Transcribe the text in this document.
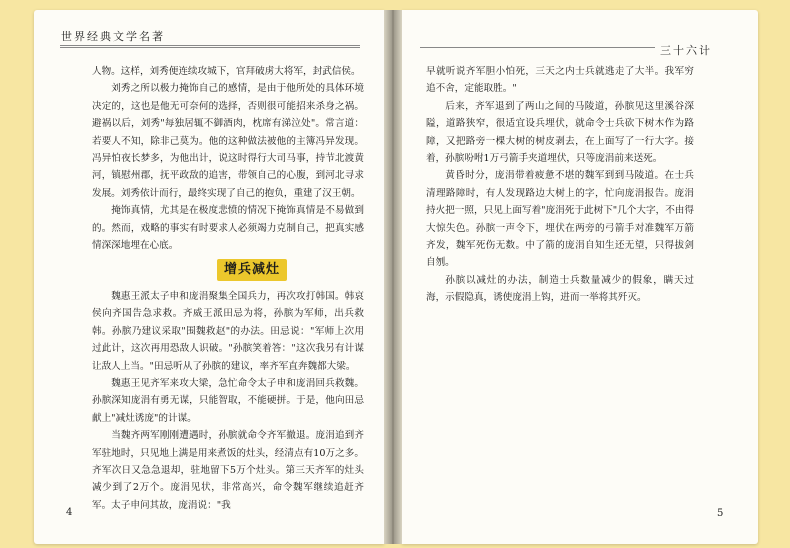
世界经典文学名著
三十六计

人物。这样，刘秀便连续攻城下，官拜破虏大将军，封武信侯。

刘秀之所以极力掩饰自己的感情，是由于他所处的具体环境决定的，这也是他无可奈何的选择，否则很可能招来杀身之祸。避祸以后，刘秀"每独居辄不御酒肉，枕席有涕泣处"。常言道：若要人不知，除非己莫为。他的这种做法被他的主簿冯异发现。冯异怕夜长梦多，为他出计，说这时得行大司马事，持节北渡黄河，镇慰州郡，抚平政敌的追害，带领自己的心腹，到河北寻求发展。刘秀依计而行，最终实现了自己的抱负，重建了汉王朝。

掩饰真情，尤其是在极度悲愤的情况下掩饰真情是不易做到的。然而，戏略的事实有时要求人必须竭力克制自己，把真实感情深深地埋在心底。

增兵减灶

魏惠王派太子申和庞涓聚集全国兵力，再次攻打韩国。韩哀侯向齐国告急求救。齐威王派田忌为将，孙膑为军师，出兵救韩。孙膑乃建议采取"围魏救赵"的办法。田忌说："军师上次用过此计，这次再用恐敌人识破。"孙膑笑着答："这次我另有计谋让敌人上当。"田忌听从了孙膑的建议，率齐军直奔魏都大梁。

魏惠王见齐军来攻大梁，急忙命令太子申和庞涓回兵救魏。孙膑深知庞涓有勇无谋，只能智取，不能硬拼。于是，他向田忌献上"减灶诱庞"的计谋。

当魏齐两军刚刚遭遇时，孙膑就命令齐军撤退。庞涓追到齐军驻地时，只见地上满是用来煮饭的灶头，经清点有10万之多。齐军次日又急急退却，驻地留下5万个灶头。第三天齐军的灶头减少到了2万个。庞涓见状，非常高兴，命令魏军继续追赶齐军。太子申问其故，庞涓说："我

早就听说齐军胆小怕死，三天之内士兵就逃走了大半。我军穷追不舍，定能取胜。"

后来，齐军退到了两山之间的马陵道，孙膑见这里溪谷深隘，道路狭窄，很适宜设兵埋伏，就命令士兵砍下树木作为路障，又把路旁一棵大树的树皮剥去，在上面写了一行大字。接着，孙膑吩咐1万弓箭手夹道埋伏，只等庞涓前来送死。

黄昏时分，庞涓带着疲惫不堪的魏军到到马陵道。在士兵清理路障时，有人发现路边大树上的字，忙向庞涓报告。庞涓持火把一照，只见上面写着"庞涓死于此树下"几个大字，不由得大惊失色。孙膑一声令下，埋伏在两旁的弓箭手对准魏军万箭齐发，魏军死伤无数。中了箭的庞涓自知生还无望，只得拔剑自刎。

孙膑以减灶的办法，制造士兵数量减少的假象，瞒天过海，示假隐真，诱使庞涓上钩，进而一举将其歼灭。

4	5
